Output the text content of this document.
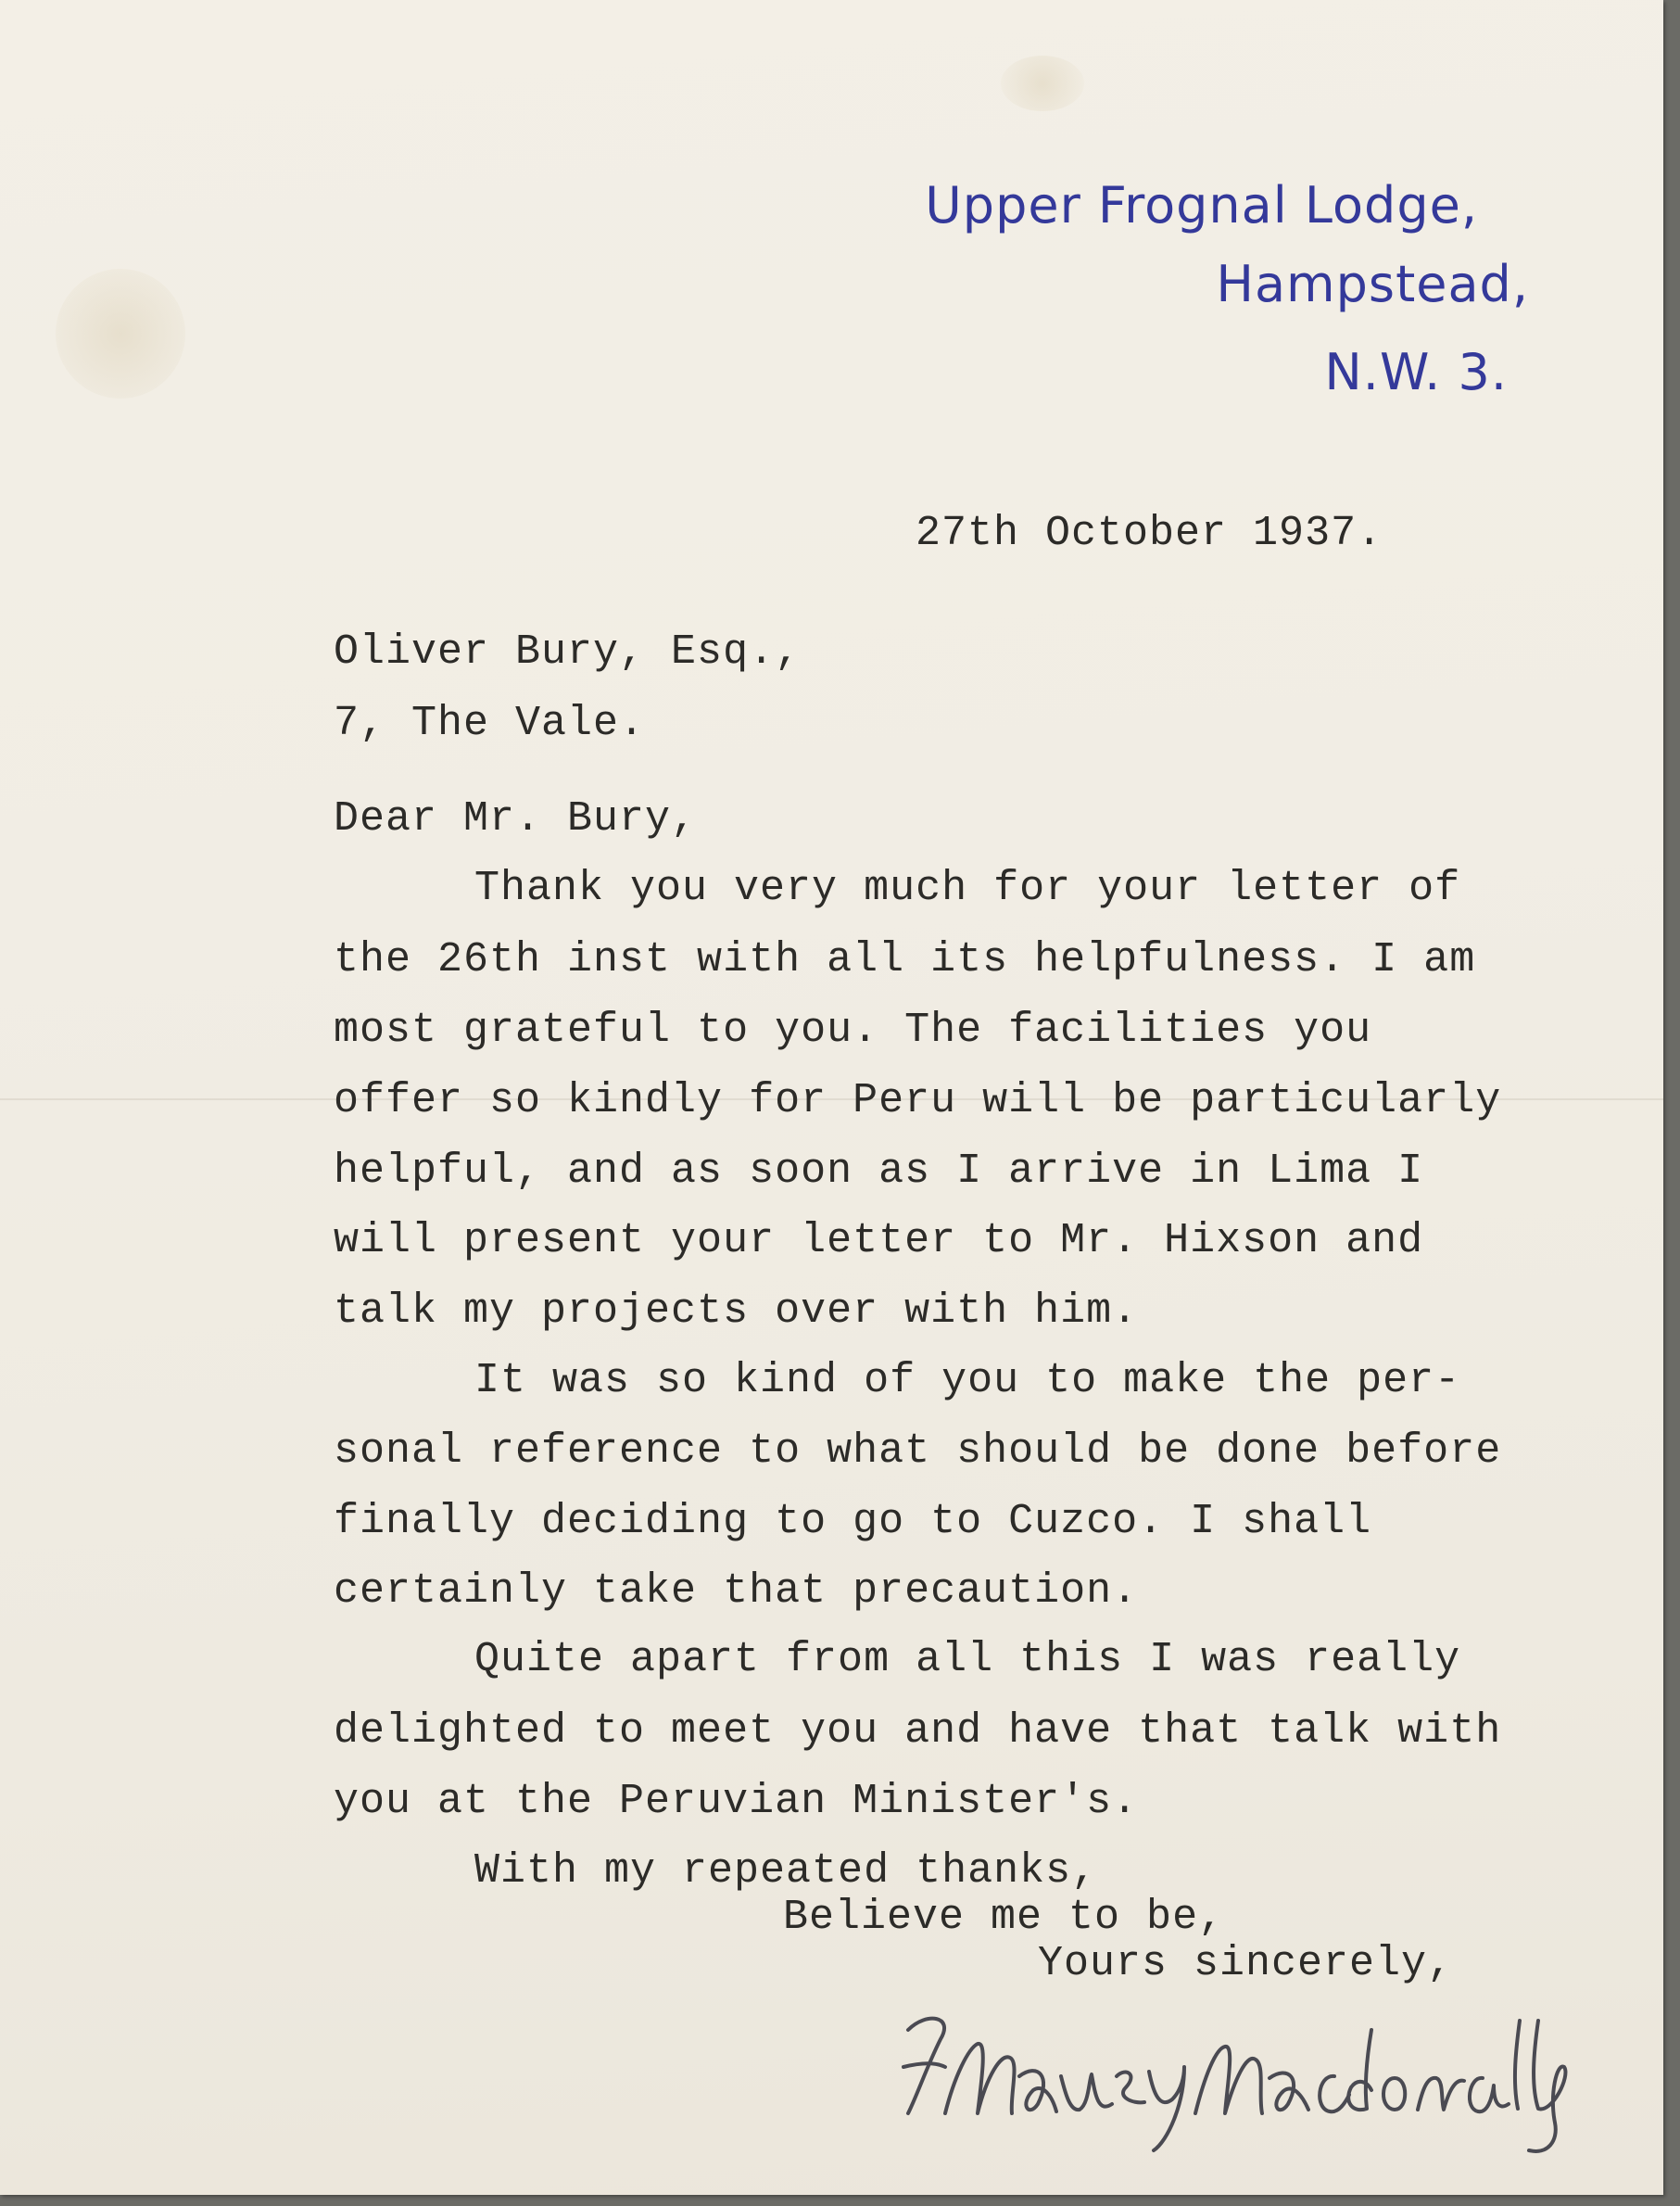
Upper Frognal Lodge,
Hampstead,
N.W. 3.
27th October 1937.
Oliver Bury, Esq.,
7, The Vale.
Dear Mr. Bury,
Thank you very much for your letter of
the 26th inst with all its helpfulness. I am
most grateful to you. The facilities you
offer so kindly for Peru will be particularly
helpful, and as soon as I arrive in Lima I
will present your letter to Mr. Hixson and
talk my projects over with him.
It was so kind of you to make the per-
sonal reference to what should be done before
finally deciding to go to Cuzco. I shall
certainly take that precaution.
Quite apart from all this I was really
delighted to meet you and have that talk with
you at the Peruvian Minister's.
With my repeated thanks,
Believe me to be,
Yours sincerely,
